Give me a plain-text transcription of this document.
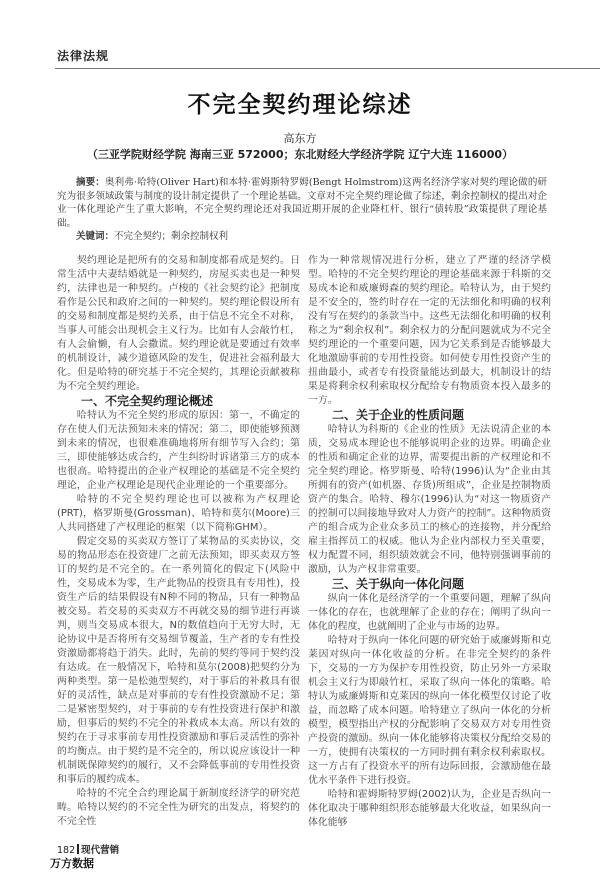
法律法规
不完全契约理论综述
高东方
（三亚学院财经学院 海南三亚 572000；东北财经大学经济学院 辽宁大连 116000）

摘要：奥利弗·哈特(Oliver Hart)和本特·霍姆斯特罗姆(Bengt Holmstrom)这两名经济学家对契约理论做的研究为很多领域政策与制度的设计制定提供了一个理论基础。文章对不完全契约理论做了综述，剩余控制权的提出对企业一体化理论产生了重大影响，不完全契约理论还对我国近期开展的企业降杠杆、银行“债转股”政策提供了理论基础。

关键词：不完全契约；剩余控制权利

契约理论是把所有的交易和制度都看成是契约。日常生活中夫妻结婚就是一种契约，房屋买卖也是一种契约，法律也是一种契约。卢梭的《社会契约论》把制度看作是公民和政府之间的一种契约。契约理论假设所有的交易和制度都是契约关系，由于信息不完全不对称，当事人可能会出现机会主义行为。比如有人会敲竹杠，有人会偷懒，有人会撒谎。契约理论就是要通过有效率的机制设计，减少道德风险的发生，促进社会福利最大化。但是哈特的研究基于不完全契约，其理论贡献被称为不完全契约理论。

一、不完全契约理论概述

哈特认为不完全契约形成的原因：第一，不确定的存在使人们无法预知未来的情况；第二，即使能够预测到未来的情况，也很难准确地将所有细节写入合约；第三，即使能够达成合约，产生纠纷时诉诸第三方的成本也很高。哈特提出的企业产权理论的基础是不完全契约理论，企业产权理论是现代企业理论的一个重要部分。

哈特的不完全契约理论也可以被称为产权理论(PRT)，格罗斯曼(Grossman)、哈特和莫尔(Moore)三人共同搭建了产权理论的框架（以下简称GHM）。

假定交易的买卖双方签订了某物品的买卖协议，交易的物品形态在投资建厂之前无法预知，即买卖双方签订的契约是不完全的。在一系列简化的假定下(风险中性，交易成本为零，生产此物品的投资具有专用性)，投资生产后的结果假设有N种不同的物品，只有一种物品被交易。若交易的买卖双方不再就交易的细节进行再谈判，则当交易成本很大，N的数值趋向于无穷大时，无论协议中是否将所有交易细节覆盖，生产者的专有性投资激励都将趋于消失。此时，先前的契约等同于契约没有达成。在一般情况下，哈特和莫尔(2008)把契约分为两种类型。第一是松弛型契约，对于事后的补救具有很好的灵活性，缺点是对事前的专有性投资激励不足；第二是紧密型契约，对于事前的专有性投资进行保护和激励，但事后的契约不完全的补救成本太高。所以有效的契约在于寻求事前专用性投资激励和事后灵活性的弥补的均衡点。由于契约是不完全的，所以说应该设计一种机制既保障契约的履行，又不会降低事前的专用性投资和事后的履约成本。

哈特的不完全合约理论属于新制度经济学的研究范畴。哈特以契约的不完全性为研究的出发点，将契约的不完全性

作为一种常规情况进行分析，建立了严谨的经济学模型。哈特的不完全契约理论的理论基础来源于科斯的交易成本论和威廉姆森的契约理论。哈特认为，由于契约是不安全的，签约时存在一定的无法细化和明确的权利没有写在契约的条款当中。这些无法细化和明确的权利称之为“剩余权利”。剩余权力的分配问题就成为不完全契约理论的一个重要问题，因为它关系到是否能够最大化地激励事前的专用性投资。如何使专用性投资产生的扭曲最小，或者专有投资量能达到最大，机制设计的结果是将剩余权利索取权分配给专有物质资本投入最多的一方。

二、关于企业的性质问题

哈特认为科斯的《企业的性质》无法说清企业的本质，交易成本理论也不能够说明企业的边界。明确企业的性质和确定企业的边界，需要提出新的产权理论和不完全契约理论。格罗斯曼、哈特(1996)认为“企业由其所拥有的资产(如机器、存货)所组成”，企业是控制物质资产的集合。哈特、穆尔(1996)认为“对这一物质资产的控制可以间接地导致对人力资产的控制”。这种物质资产的组合成为企业众多员工的核心的连接物，并分配给雇主指挥员工的权威。他认为企业内部权力至关重要，权力配置不同，组织绩效就会不同，他特别强调事前的激励，认为产权非常重要。

三、关于纵向一体化问题

纵向一体化是经济学的一个重要问题，理解了纵向一体化的存在，也就理解了企业的存在；阐明了纵向一体化的程度，也就阐明了企业与市场的边界。

哈特对于纵向一体化问题的研究始于威廉姆斯和克莱因对纵向一体化收益的分析。在非完全契约的条件下，交易的一方为保护专用性投资，防止另外一方采取机会主义行为即敲竹杠，采取了纵向一体化的策略。哈特认为威廉姆斯和克莱因的纵向一体化模型仅讨论了收益，而忽略了成本问题。哈特建立了纵向一体化的分析模型，模型指出产权的分配影响了交易双方对专用性资产投资的激励。纵向一体化能够将决策权分配给交易的一方，使拥有决策权的一方同时拥有剩余权利索取权。这一方占有了投资水平的所有边际回报，会激励他在最优水平条件下进行投资。

哈特和霍姆斯特罗姆(2002)认为，企业是否纵向一体化取决于哪种组织形态能够最大化收益，如果纵向一体化能够

182 现代营销
万方数据
